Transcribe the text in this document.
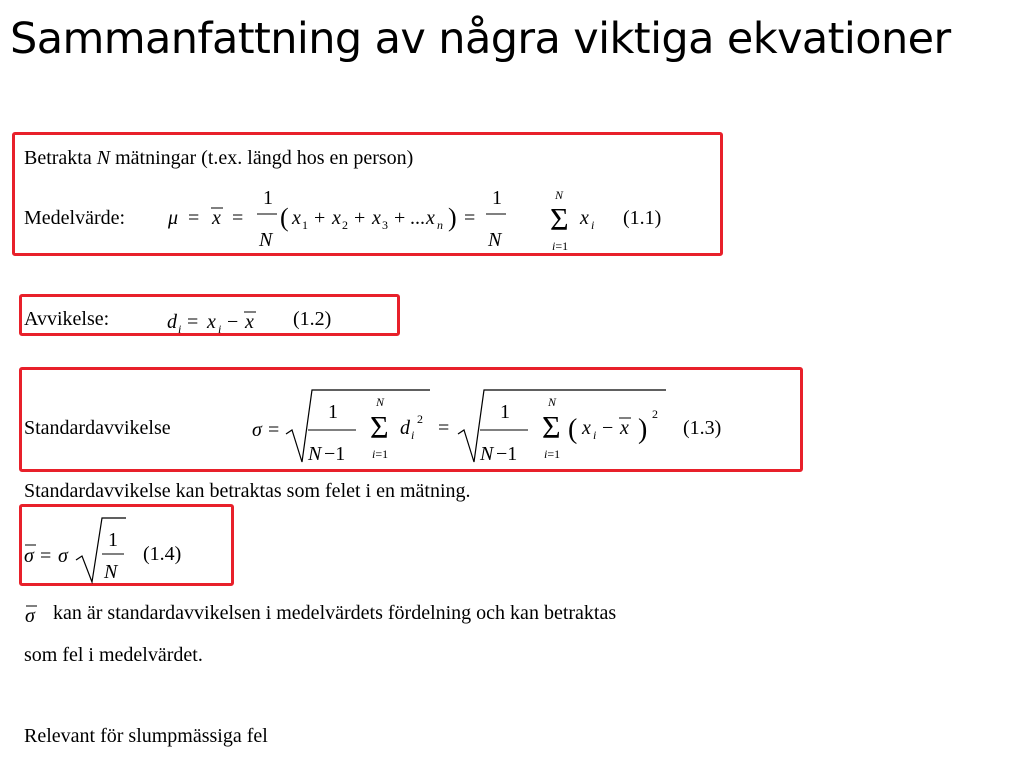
Sammanfattning av några viktiga ekvationer
Betrakta N mätningar (t.ex. längd hos en person)
Medelvärde: μ = x =
1
N
( x 1 + x 2 + x 3 + ... x n ) =
1
N
N
Σ
i=1
x i (1.1)
Avvikelse:	d i = x i − x (1.2)
Standardavvikelse	σ =
1
N −1
N
Σ
i=1
d i
2 =
1
N −1
N
Σ
i=1
( x i − x ) 2
(1.3)
Standardavvikelse kan betraktas som felet i en mätning.
σ = σ
1
N
(1.4)
σ kan är standardavvikelsen i medelvärdets fördelning och kan betraktas
som fel i medelvärdet.
Relevant för slumpmässiga fel
